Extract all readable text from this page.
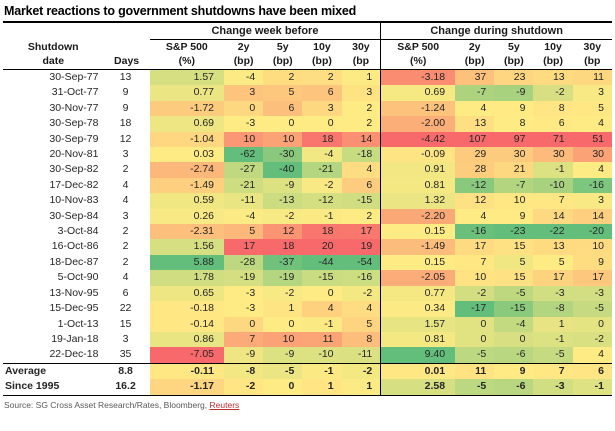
Market reactions to government shutdowns have been mixed
		Change week before					Change during shutdown				
Shutdown		S&P 500	2y	5y	10y	30y	S&P 500	2y	5y	10y	30y
date	Days	(%)	(bp)	(bp)	(bp)	(bp	(%)	(bp)	(bp)	(bp)	(bp
30-Sep-77	13	1.57	-4	2	2	1	-3.18	37	23	13	11
31-Oct-77	9	0.77	3	5	6	3	0.69	-7	-9	-2	3
30-Nov-77	9	-1.72	0	6	3	2	-1.24	4	9	8	5
30-Sep-78	18	0.69	-3	0	0	2	-2.00	13	8	6	4
30-Sep-79	12	-1.04	10	10	18	14	-4.42	107	97	71	51
20-Nov-81	3	0.03	-62	-30	-4	-18	-0.09	29	30	30	30
30-Sep-82	2	-2.74	-27	-40	-21	4	0.91	28	21	-1	4
17-Dec-82	4	-1.49	-21	-9	-2	6	0.81	-12	-7	-10	-16
10-Nov-83	4	0.59	-11	-13	-12	-15	1.32	12	10	7	3
30-Sep-84	3	0.26	-4	-2	-1	2	-2.20	4	9	14	14
3-Oct-84	2	-2.31	5	12	18	17	0.15	-16	-23	-22	-20
16-Oct-86	2	1.56	17	18	20	19	-1.49	17	15	13	10
18-Dec-87	2	5.88	-28	-37	-44	-54	0.15	7	5	5	9
5-Oct-90	4	1.78	-19	-19	-15	-16	-2.05	10	15	17	17
13-Nov-95	6	0.65	-3	-2	0	-2	0.77	-2	-5	-3	-3
15-Dec-95	22	-0.18	-3	1	4	4	0.34	-17	-15	-8	-5
1-Oct-13	15	-0.14	0	0	-1	5	1.57	0	-4	1	0
19-Jan-18	3	0.86	7	10	11	8	0.81	0	0	-1	-2
22-Dec-18	35	-7.05	-9	-9	-10	-11	9.40	-5	-6	-5	4
Average	8.8	-0.11	-8	-5	-1	-2	0.01	11	9	7	6
Since 1995	16.2	-1.17	-2	0	1	1	2.58	-5	-6	-3	-1
Source: SG Cross Asset Research/Rates, Bloomberg, Reuters
